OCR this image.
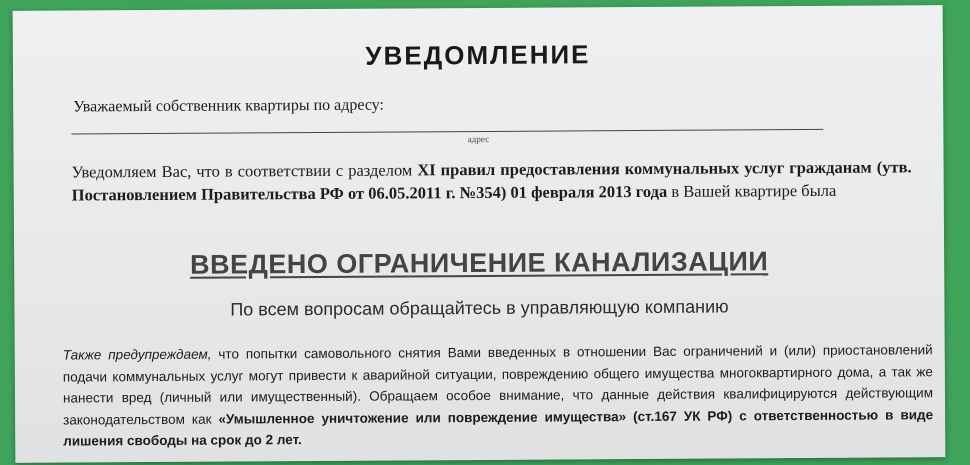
УВЕДОМЛЕНИЕ
Уважаемый собственник квартиры по адресу:
адрес
Уведомляем Вас, что в соответствии с разделом XI правил предоставления коммунальных услуг гражданам (утв. Постановлением Правительства РФ от 06.05.2011 г. №354) 01 февраля 2013 года в Вашей квартире была
ВВЕДЕНО ОГРАНИЧЕНИЕ КАНАЛИЗАЦИИ
По всем вопросам обращайтесь в управляющую компанию
Также предупреждаем, что попытки самовольного снятия Вами введенных в отношении Вас ограничений и (или) приостановлений подачи коммунальных услуг могут привести к аварийной ситуации, повреждению общего имущества многоквартирного дома, а так же нанести вред (личный или имущественный). Обращаем особое внимание, что данные действия квалифицируются действующим законодательством как «Умышленное уничтожение или повреждение имущества» (ст.167 УК РФ) с ответственностью в виде лишения свободы на срок до 2 лет.
